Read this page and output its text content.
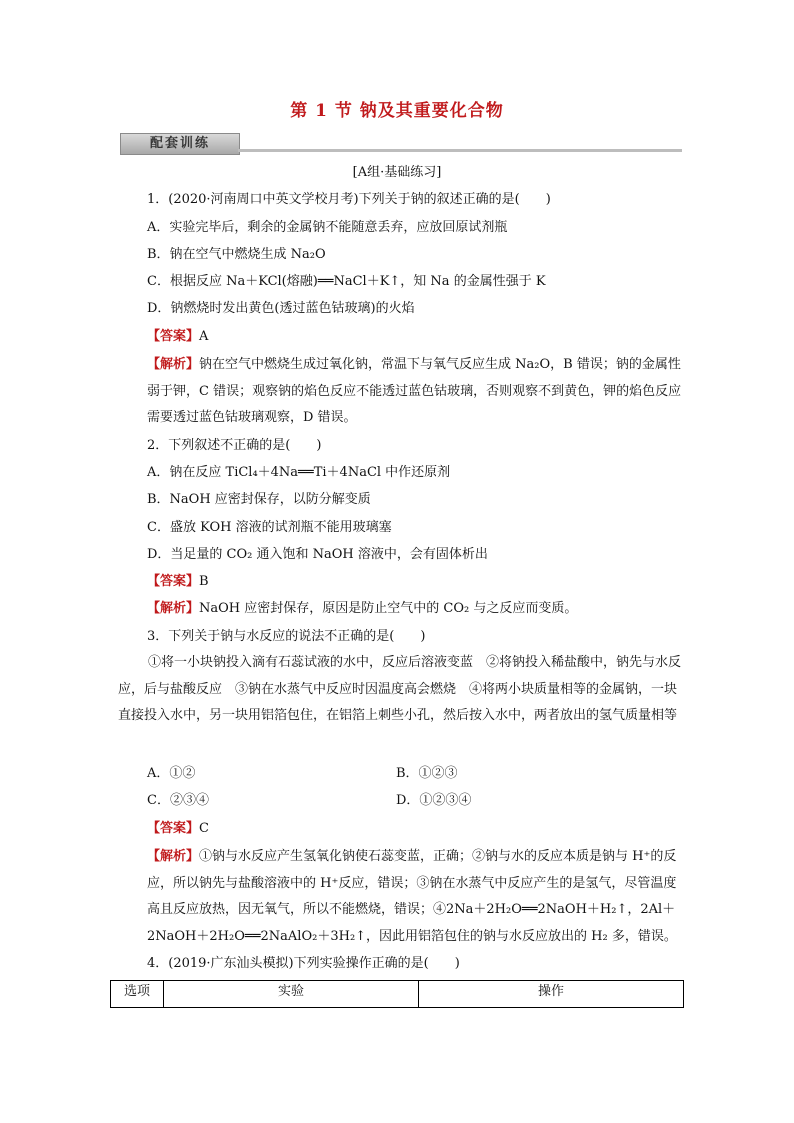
第 1 节 钠及其重要化合物
配套训练
[A组·基础练习]
1．(2020·河南周口中英文学校月考)下列关于钠的叙述正确的是(　　)
A．实验完毕后，剩余的金属钠不能随意丢弃，应放回原试剂瓶
B．钠在空气中燃烧生成 Na₂O
C．根据反应 Na＋KCl(熔融)══NaCl＋K↑，知 Na 的金属性强于 K
D．钠燃烧时发出黄色(透过蓝色钴玻璃)的火焰
【答案】A
【解析】钠在空气中燃烧生成过氧化钠，常温下与氧气反应生成 Na₂O，B 错误；钠的金属性弱于钾，C 错误；观察钠的焰色反应不能透过蓝色钴玻璃，否则观察不到黄色，钾的焰色反应需要透过蓝色钴玻璃观察，D 错误。
2．下列叙述不正确的是(　　)
A．钠在反应 TiCl₄＋4Na══Ti＋4NaCl 中作还原剂
B．NaOH 应密封保存，以防分解变质
C．盛放 KOH 溶液的试剂瓶不能用玻璃塞
D．当足量的 CO₂ 通入饱和 NaOH 溶液中，会有固体析出
【答案】B
【解析】NaOH 应密封保存，原因是防止空气中的 CO₂ 与之反应而变质。
3．下列关于钠与水反应的说法不正确的是(　　)
①将一小块钠投入滴有石蕊试液的水中，反应后溶液变蓝　②将钠投入稀盐酸中，钠先与水反应，后与盐酸反应　③钠在水蒸气中反应时因温度高会燃烧　④将两小块质量相等的金属钠，一块直接投入水中，另一块用铝箔包住，在铝箔上刺些小孔，然后按入水中，两者放出的氢气质量相等
A．①②	B．①②③
C．②③④	D．①②③④
【答案】C
【解析】①钠与水反应产生氢氧化钠使石蕊变蓝，正确；②钠与水的反应本质是钠与 H⁺的反应，所以钠先与盐酸溶液中的 H⁺反应，错误；③钠在水蒸气中反应产生的是氢气，尽管温度高且反应放热，因无氧气，所以不能燃烧，错误；④2Na＋2H₂O══2NaOH＋H₂↑，2Al＋2NaOH＋2H₂O══2NaAlO₂＋3H₂↑，因此用铝箔包住的钠与水反应放出的 H₂ 多，错误。
4．(2019·广东汕头模拟)下列实验操作正确的是(　　)
选项	实验	操作
